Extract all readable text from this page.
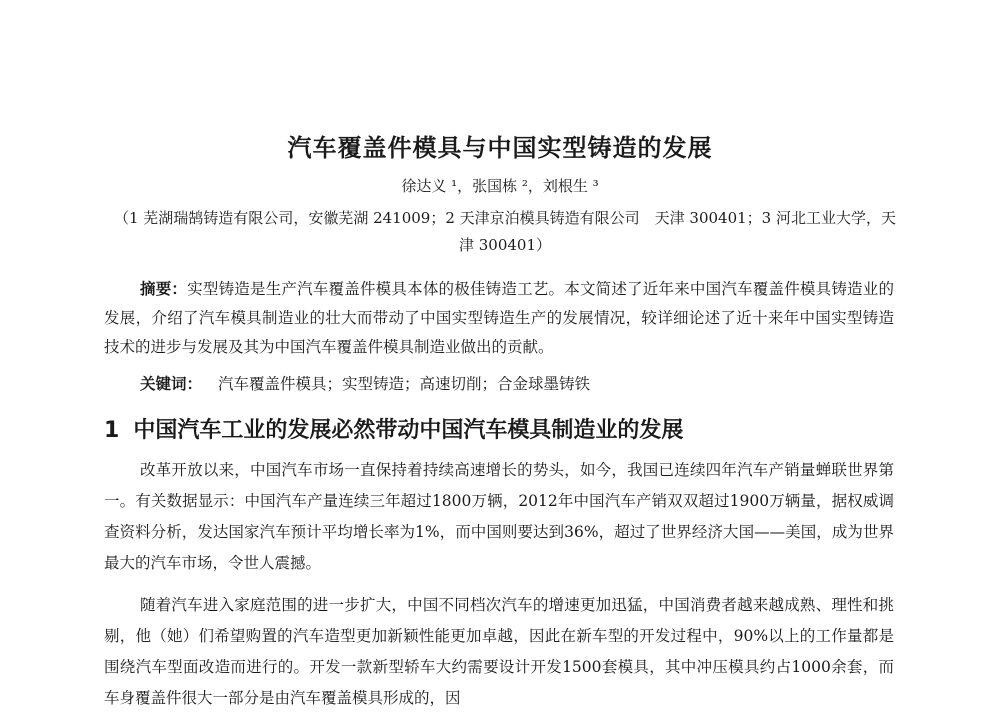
汽车覆盖件模具与中国实型铸造的发展
徐达义 ¹，张国栋 ²，刘根生 ³
（1 芜湖瑞鹄铸造有限公司，安徽芜湖 241009；2 天津京泊模具铸造有限公司　天津 300401；3 河北工业大学，天津 300401）
摘要：实型铸造是生产汽车覆盖件模具本体的极佳铸造工艺。本文简述了近年来中国汽车覆盖件模具铸造业的发展，介绍了汽车模具制造业的壮大而带动了中国实型铸造生产的发展情况，较详细论述了近十来年中国实型铸造技术的进步与发展及其为中国汽车覆盖件模具制造业做出的贡献。
关键词： 汽车覆盖件模具；实型铸造；高速切削；合金球墨铸铁
1 中国汽车工业的发展必然带动中国汽车模具制造业的发展

改革开放以来，中国汽车市场一直保持着持续高速增长的势头，如今，我国已连续四年汽车产销量蝉联世界第一。有关数据显示：中国汽车产量连续三年超过1800万辆，2012年中国汽车产销双双超过1900万辆量，据权威调查资料分析，发达国家汽车预计平均增长率为1%，而中国则要达到36%，超过了世界经济大国——美国，成为世界最大的汽车市场，令世人震撼。

随着汽车进入家庭范围的进一步扩大，中国不同档次汽车的增速更加迅猛，中国消费者越来越成熟、理性和挑剔，他（她）们希望购置的汽车造型更加新颖性能更加卓越，因此在新车型的开发过程中，90%以上的工作量都是围绕汽车型面改造而进行的。开发一款新型轿车大约需要设计开发1500套模具，其中冲压模具约占1000余套，而车身覆盖件很大一部分是由汽车覆盖模具形成的，因
